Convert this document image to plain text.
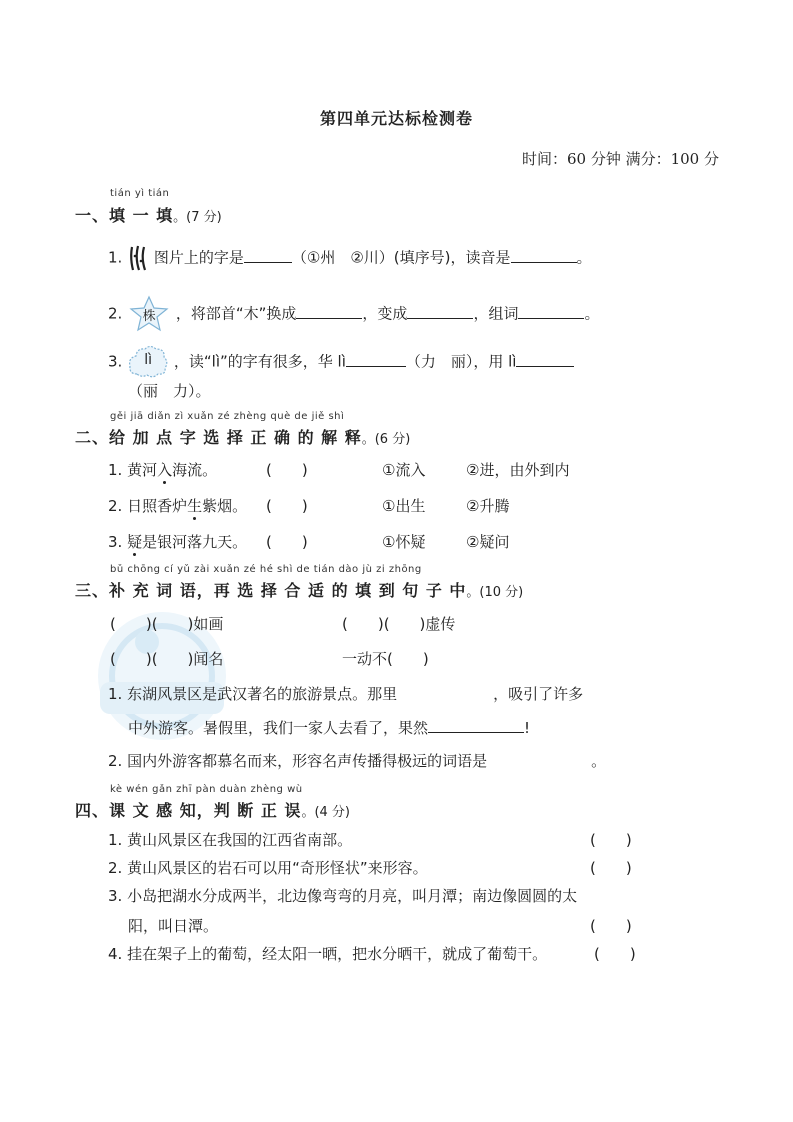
第四单元达标检测卷
时间：60 分钟 满分：100 分
tián yì tián
一、填 一 填。(7 分)
1. 图片上的字是	（①州　②川）(填序号)，读音是	。
2.	株	，将部首“木”换成	，变成	，组词	。
3.	lì	，读“lì”的字有很多，华 lì	（力　丽），用 lì
（丽　力）。
gěi jiā diǎn zì xuǎn zé zhèng què de jiě shì
二、给 加 点 字 选 择 正 确 的 解 释。(6 分)
1. 黄河入海流。	(　　)	①流入	②进，由外到内
2. 日照香炉生紫烟。 (　　)	①出生	②升腾
3. 疑是银河落九天。 (　　)	①怀疑	②疑问
bǔ chōng cí yǔ zài xuǎn zé hé shì de tián dào jù zi zhōng
三、补 充 词 语，再 选 择 合 适 的 填 到 句 子 中。(10 分)
(　　)(　　)如画	(　　)(　　)虚传
(　　)(　　)闻名	一动不(　　)
1. 东湖风景区是武汉著名的旅游景点。那里	，吸引了许多
中外游客。暑假里，我们一家人去看了，果然	!
2. 国内外游客都慕名而来，形容名声传播得极远的词语是	。
kè wén gǎn zhī pàn duàn zhèng wù
四、课 文 感 知，判 断 正 误。(4 分)
1. 黄山风景区在我国的江西省南部。	(　　)
2. 黄山风景区的岩石可以用“奇形怪状”来形容。	(　　)
3. 小岛把湖水分成两半，北边像弯弯的月亮，叫月潭；南边像圆圆的太
阳，叫日潭。	(　　)
4. 挂在架子上的葡萄，经太阳一晒，把水分晒干，就成了葡萄干。	(　　)
